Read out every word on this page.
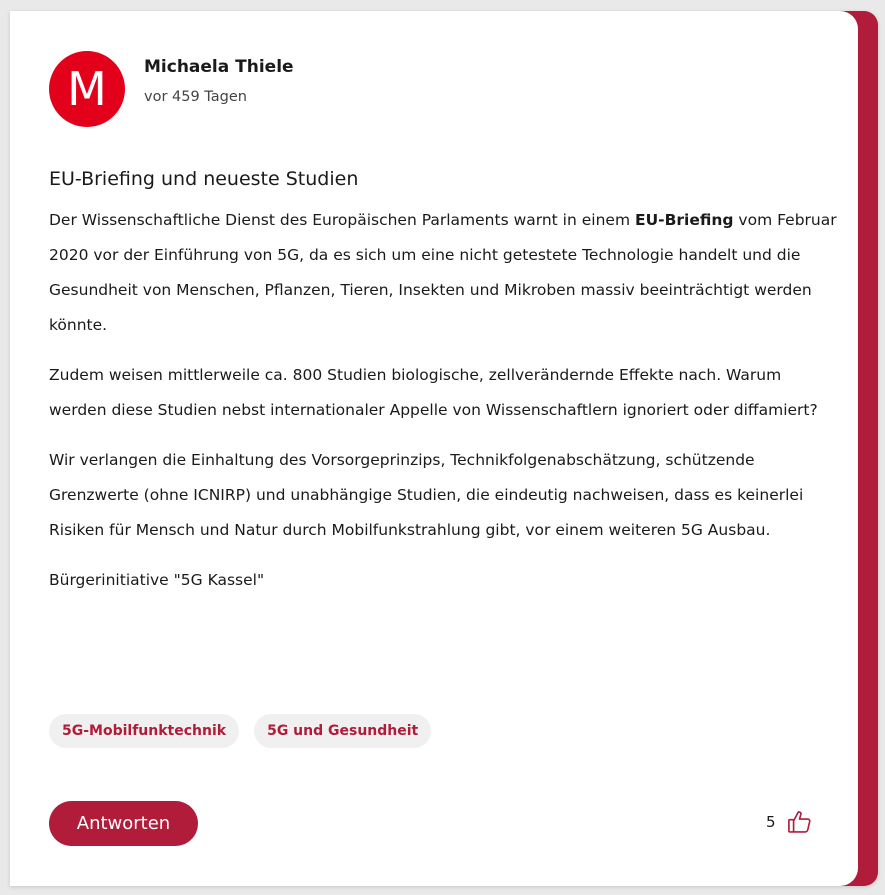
M	Michaela Thiele
vor 459 Tagen
EU-Briefing und neueste Studien

Der Wissenschaftliche Dienst des Europäischen Parlaments warnt in einem EU-Briefing vom Februar 2020 vor der Einführung von 5G, da es sich um eine nicht getestete Technologie handelt und die Gesundheit von Menschen, Pflanzen, Tieren, Insekten und Mikroben massiv beeinträchtigt werden könnte.

Zudem weisen mittlerweile ca. 800 Studien biologische, zellverändernde Effekte nach. Warum werden diese Studien nebst internationaler Appelle von Wissenschaftlern ignoriert oder diffamiert?

Wir verlangen die Einhaltung des Vorsorgeprinzips, Technikfolgenabschätzung, schützende Grenzwerte (ohne ICNIRP) und unabhängige Studien, die eindeutig nachweisen, dass es keinerlei Risiken für Mensch und Natur durch Mobilfunkstrahlung gibt, vor einem weiteren 5G Ausbau.

Bürgerinitiative "5G Kassel"

5G-Mobilfunktechnik	5G und Gesundheit
Antworten	5
